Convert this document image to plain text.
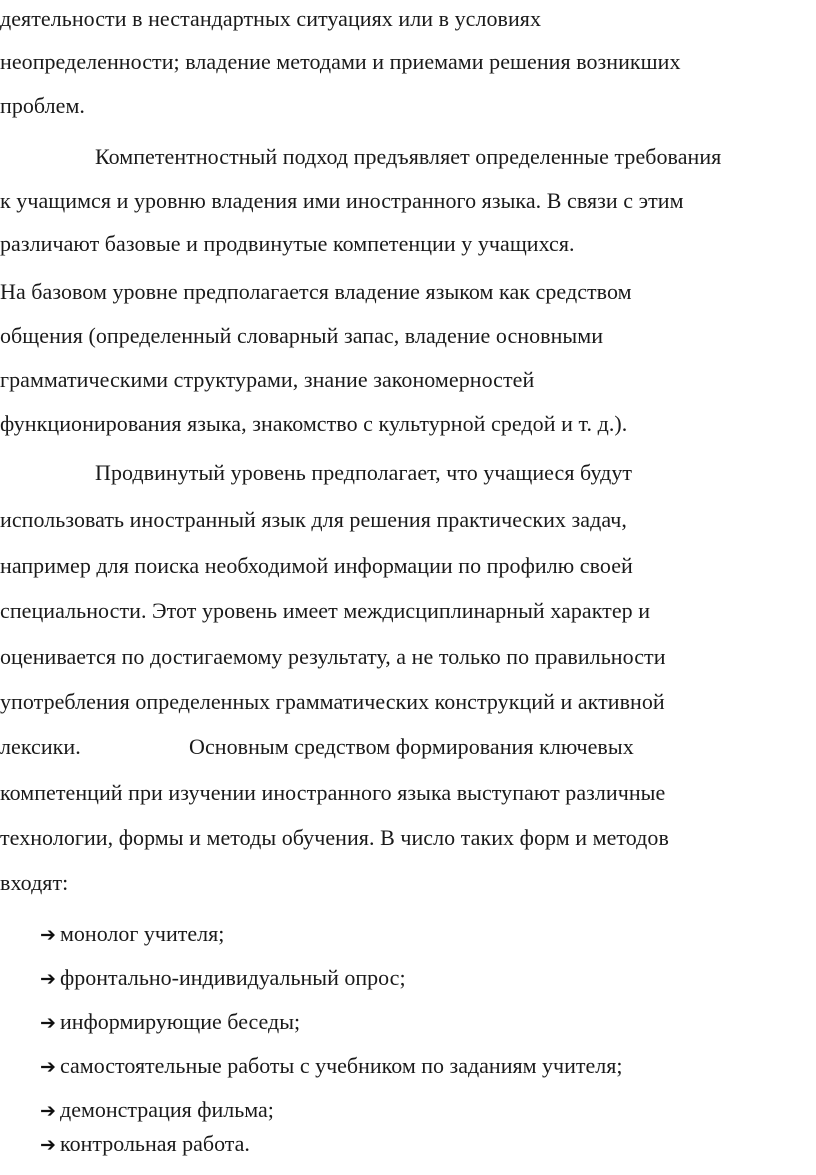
деятельности в нестандартных ситуациях или в условиях
неопределенности; владение методами и приемами решения возникших
проблем.
Компетентностный подход предъявляет определенные требования
к учащимся и уровню владения ими иностранного языка. В связи с этим
различают базовые и продвинутые компетенции у учащихся.
На базовом уровне предполагается владение языком как средством
общения (определенный словарный запас, владение основными
грамматическими структурами, знание закономерностей
функционирования языка, знакомство с культурной средой и т. д.).
Продвинутый уровень предполагает, что учащиеся будут
использовать иностранный язык для решения практических задач,
например для поиска необходимой информации по профилю своей
специальности. Этот уровень имеет междисциплинарный характер и
оценивается по достигаемому результату, а не только по правильности
употребления определенных грамматических конструкций и активной
лексики.	Основным средством формирования ключевых
компетенций при изучении иностранного языка выступают различные
технологии, формы и методы обучения. В число таких форм и методов
входят:
➔ монолог учителя;
➔ фронтально-индивидуальный опрос;
➔ информирующие беседы;
➔ самостоятельные работы с учебником по заданиям учителя;
➔ демонстрация фильма;
➔ контрольная работа.
